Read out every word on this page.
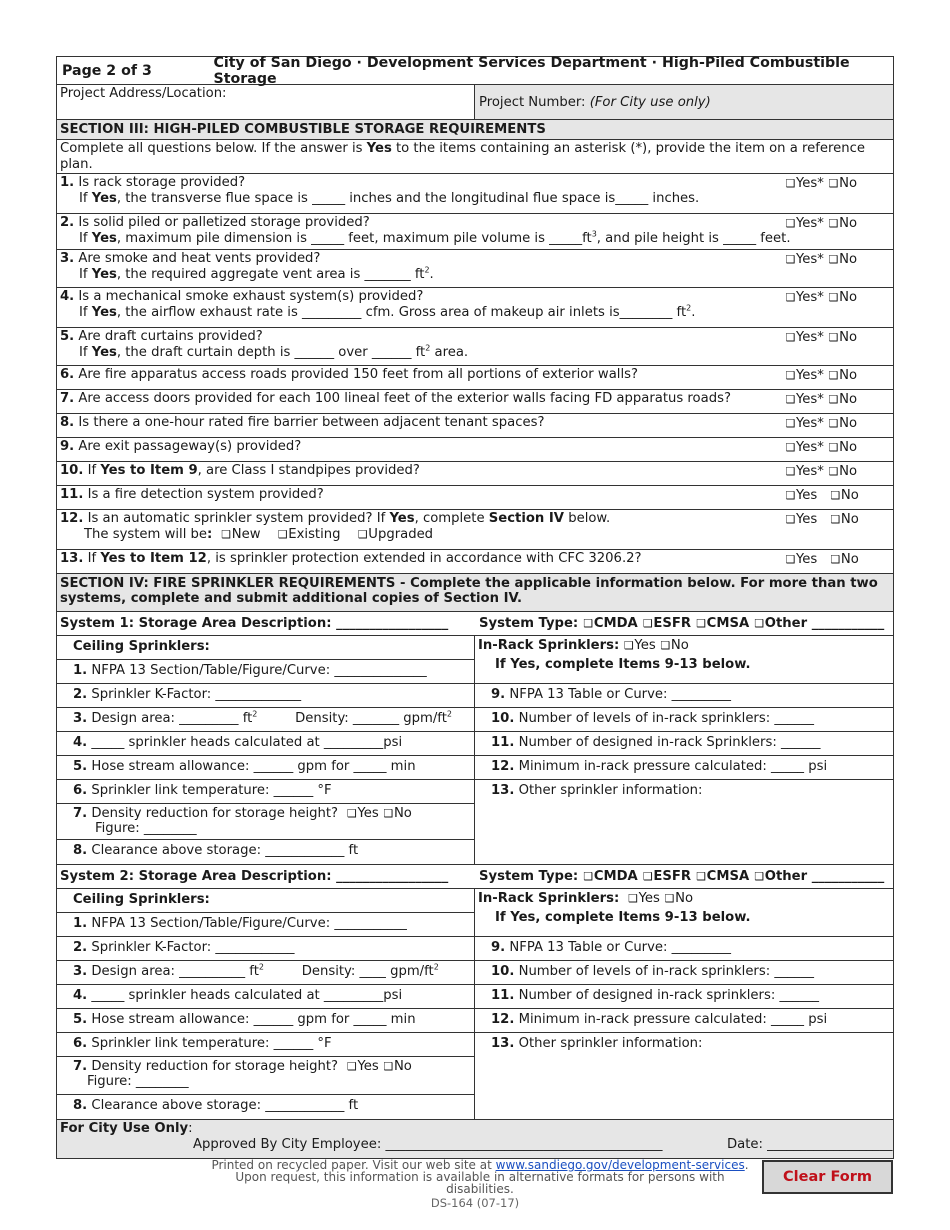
Page 2 of 3	City of San Diego · Development Services Department · High-Piled Combustible Storage
Project Address/Location:
Project Number:
(For City use only)
SECTION III: HIGH-PILED COMBUSTIBLE STORAGE REQUIREMENTS
Complete all questions below. If the answer is Yes to the items containing an asterisk (*), provide the item on a reference plan.
1. Is rack storage provided?
If Yes, the transverse flue space is _____ inches and the longitudinal flue space is_____ inches.
❑Yes* ❑No
2. Is solid piled or palletized storage provided?
If Yes, maximum pile dimension is _____ feet, maximum pile volume is $\_\_\_\_\_ft^3$, and pile height is _____ feet.
❑Yes* ❑No
3. Are smoke and heat vents provided?
If Yes, the required aggregate vent area is _______ $ft^2$.
❑Yes* ❑No
4. Is a mechanical smoke exhaust system(s) provided?
If Yes, the airflow exhaust rate is _________ cfm. Gross area of makeup air inlets is________ $ft^2$.
❑Yes* ❑No
5. Are draft curtains provided?
If Yes, the draft curtain depth is ______ over ______ $ft^2$ area.
❑Yes* ❑No
6. Are fire apparatus access roads provided 150 feet from all portions of exterior walls?	❑Yes* ❑No
7. Are access doors provided for each 100 lineal feet of the exterior walls facing FD apparatus roads?	❑Yes* ❑No
8. Is there a one-hour rated fire barrier between adjacent tenant spaces?	❑Yes* ❑No
9. Are exit passageway(s) provided?	❑Yes* ❑No
10. If Yes to Item 9, are Class I standpipes provided?	❑Yes* ❑No
11. Is a fire detection system provided?	❑Yes ❑No
12. Is an automatic sprinkler system provided? If Yes, complete Section IV below.
The system will be: ❑New ❑Existing ❑Upgraded
❑Yes ❑No
13. If Yes to Item 12, is sprinkler protection extended in accordance with CFC 3206.2?	❑Yes ❑No
SECTION IV: FIRE SPRINKLER REQUIREMENTS - Complete the applicable information below. For more than two systems, complete and submit additional copies of Section IV.
System 1: Storage Area Description: _________________	System Type: ❑CMDA ❑ESFR ❑CMSA ❑Other ___________
Ceiling Sprinklers:
1. NFPA 13 Section/Table/Figure/Curve: ______________
2. Sprinkler K-Factor: _____________
3. Design area: _________ $ft^2$	Density: _______ gpm/$ft^2$
4. _____ sprinkler heads calculated at _________psi
5. Hose stream allowance: ______ gpm for _____ min
6. Sprinkler link temperature: ______ °F
7. Density reduction for storage height? ❑Yes ❑No
Figure: ________
8. Clearance above storage: ____________ ft
In-Rack Sprinklers: ❑Yes ❑No
If Yes, complete Items 9-13 below.
9. NFPA 13 Table or Curve: _________
10. Number of levels of in-rack sprinklers: ______
11. Number of designed in-rack Sprinklers: ______
12. Minimum in-rack pressure calculated: _____ psi
13. Other sprinkler information:
System 2: Storage Area Description: _________________	System Type: ❑CMDA ❑ESFR ❑CMSA ❑Other ___________
Ceiling Sprinklers:
1. NFPA 13 Section/Table/Figure/Curve: ___________
2. Sprinkler K-Factor: ____________
3. Design area: __________ $ft^2$	Density: ____ gpm/$ft^2$
4. _____ sprinkler heads calculated at _________psi
5. Hose stream allowance: ______ gpm for _____ min
6. Sprinkler link temperature: ______ °F
7. Density reduction for storage height? ❑Yes ❑No
Figure: ________
8. Clearance above storage: ____________ ft
In-Rack Sprinklers: ❑Yes ❑No
If Yes, complete Items 9-13 below.
9. NFPA 13 Table or Curve: _________
10. Number of levels of in-rack sprinklers: ______
11. Number of designed in-rack sprinklers: ______
12. Minimum in-rack pressure calculated: _____ psi
13. Other sprinkler information:
For City Use Only:
Approved By City Employee: __________________________________________	Date: ___________________
Printed on recycled paper. Visit our web site at www.sandiego.gov/development-services.
Upon request, this information is available in alternative formats for persons with disabilities.
DS-164 (07-17)
Clear Form
